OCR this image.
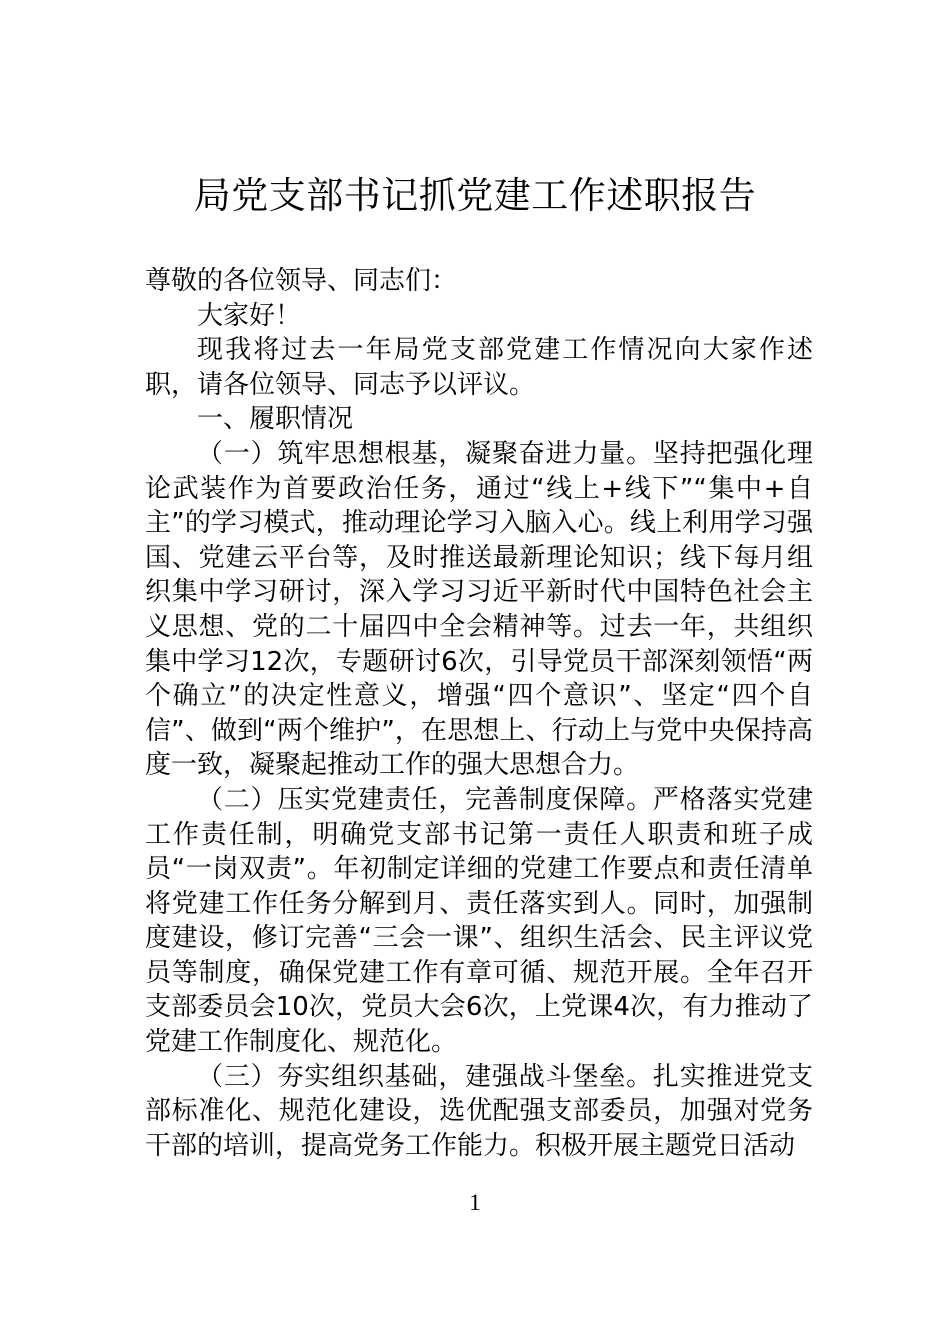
局党支部书记抓党建工作述职报告

尊敬的各位领导、同志们：

大家好！

现我将过去一年局党支部党建工作情况向大家作述职，请各位领导、同志予以评议。

一、履职情况

（一）筑牢思想根基，凝聚奋进力量。坚持把强化理论武装作为首要政治任务，通过“线上+线下”“集中+自主”的学习模式，推动理论学习入脑入心。线上利用学习强国、党建云平台等，及时推送最新理论知识；线下每月组织集中学习研讨，深入学习习近平新时代中国特色社会主义思想、党的二十届四中全会精神等。过去一年，共组织集中学习12次，专题研讨6次，引导党员干部深刻领悟“两个确立”的决定性意义，增强“四个意识”、坚定“四个自信”、做到“两个维护”，在思想上、行动上与党中央保持高度一致，凝聚起推动工作的强大思想合力。

（二）压实党建责任，完善制度保障。严格落实党建工作责任制，明确党支部书记第一责任人职责和班子成员“一岗双责”。年初制定详细的党建工作要点和责任清单将党建工作任务分解到月、责任落实到人。同时，加强制度建设，修订完善“三会一课”、组织生活会、民主评议党员等制度，确保党建工作有章可循、规范开展。全年召开支部委员会10次，党员大会6次，上党课4次，有力推动了党建工作制度化、规范化。

（三）夯实组织基础，建强战斗堡垒。扎实推进党支部标准化、规范化建设，选优配强支部委员，加强对党务干部的培训，提高党务工作能力。积极开展主题党日活动

1
